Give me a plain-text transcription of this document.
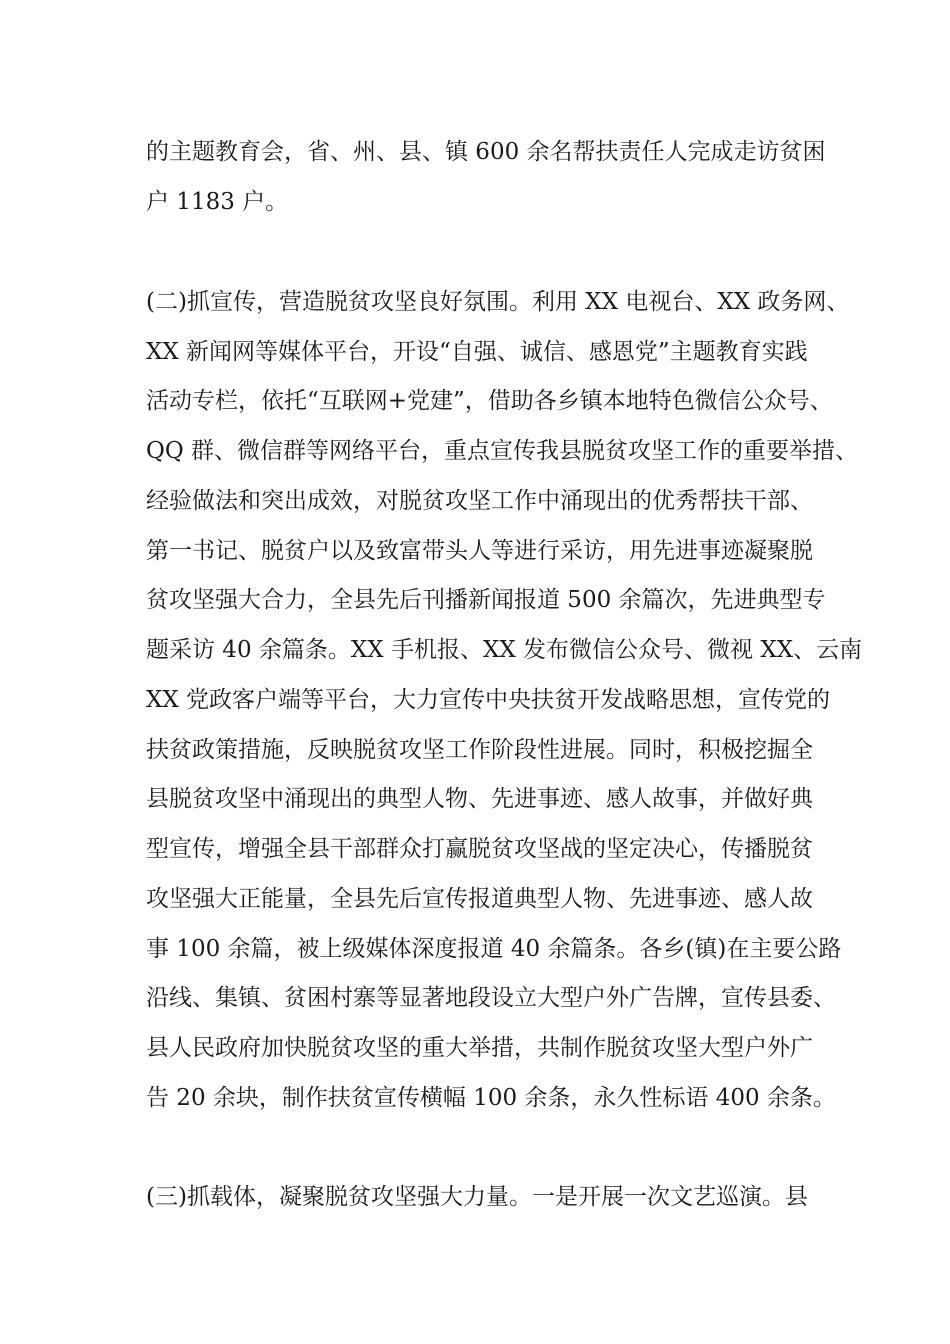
的主题教育会，省、州、县、镇 600 余名帮扶责任人完成走访贫困
户 1183 户。
(二)抓宣传，营造脱贫攻坚良好氛围。利用 XX 电视台、XX 政务网、
XX 新闻网等媒体平台，开设“自强、诚信、感恩党”主题教育实践
活动专栏，依托“互联网+党建”，借助各乡镇本地特色微信公众号、
QQ 群、微信群等网络平台，重点宣传我县脱贫攻坚工作的重要举措、
经验做法和突出成效，对脱贫攻坚工作中涌现出的优秀帮扶干部、
第一书记、脱贫户以及致富带头人等进行采访，用先进事迹凝聚脱
贫攻坚强大合力，全县先后刊播新闻报道 500 余篇次，先进典型专
题采访 40 余篇条。XX 手机报、XX 发布微信公众号、微视 XX、云南
XX 党政客户端等平台，大力宣传中央扶贫开发战略思想，宣传党的
扶贫政策措施，反映脱贫攻坚工作阶段性进展。同时，积极挖掘全
县脱贫攻坚中涌现出的典型人物、先进事迹、感人故事，并做好典
型宣传，增强全县干部群众打赢脱贫攻坚战的坚定决心，传播脱贫
攻坚强大正能量，全县先后宣传报道典型人物、先进事迹、感人故
事 100 余篇，被上级媒体深度报道 40 余篇条。各乡(镇)在主要公路
沿线、集镇、贫困村寨等显著地段设立大型户外广告牌，宣传县委、
县人民政府加快脱贫攻坚的重大举措，共制作脱贫攻坚大型户外广
告 20 余块，制作扶贫宣传横幅 100 余条，永久性标语 400 余条。
(三)抓载体，凝聚脱贫攻坚强大力量。一是开展一次文艺巡演。县
